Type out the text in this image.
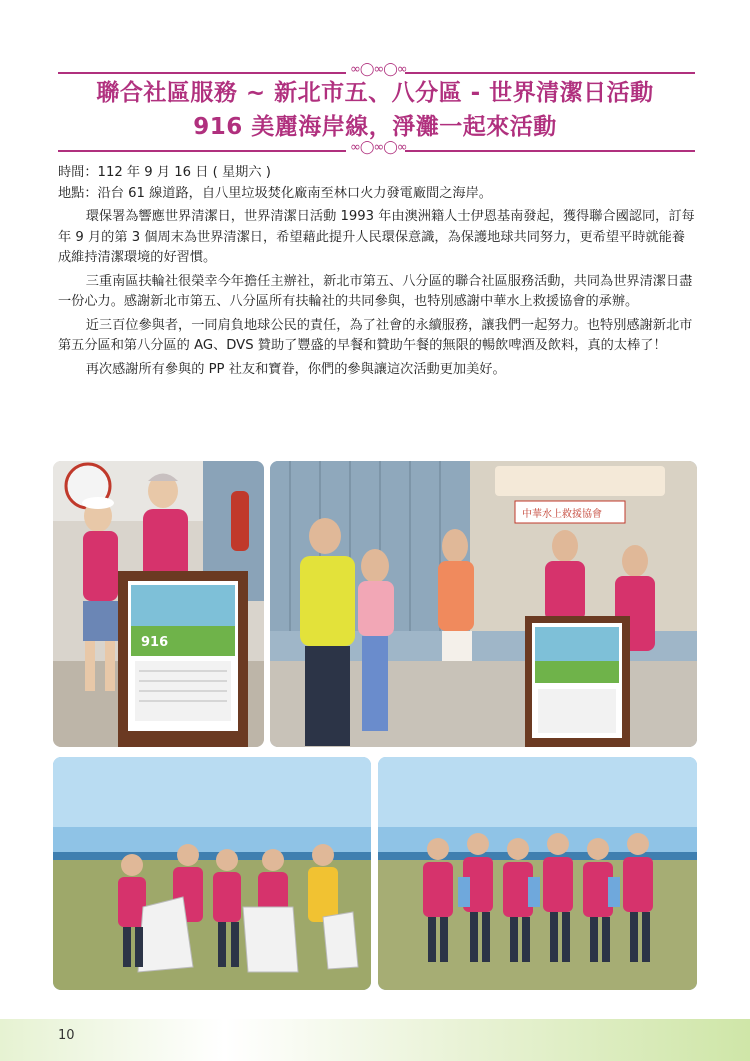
∞◯∞◯∞
聯合社區服務 ~ 新北市五、八分區 - 世界清潔日活動
916 美麗海岸線，淨灘一起來活動
∞◯∞◯∞

時間：112 年 9 月 16 日 ( 星期六 )

地點：沿台 61 線道路，自八里垃圾焚化廠南至林口火力發電廠間之海岸。

環保署為響應世界清潔日，世界清潔日活動 1993 年由澳洲籍人士伊恩基南發起，獲得聯合國認同，訂每年 9 月的第 3 個周末為世界清潔日，希望藉此提升人民環保意識，為保護地球共同努力，更希望平時就能養成維持清潔環境的好習慣。

三重南區扶輪社很榮幸今年擔任主辦社，新北市第五、八分區的聯合社區服務活動，共同為世界清潔日盡一份心力。感謝新北市第五、八分區所有扶輪社的共同參與，也特別感謝中華水上救援協會的承辦。

近三百位參與者，一同肩負地球公民的責任，為了社會的永續服務，讓我們一起努力。也特別感謝新北市第五分區和第八分區的 AG、DVS 贊助了豐盛的早餐和贊助午餐的無限的暢飲啤酒及飲料，真的太棒了！

再次感謝所有參與的 PP 社友和寶眷，你們的參與讓這次活動更加美好。

916
中華水上救援協會
10
